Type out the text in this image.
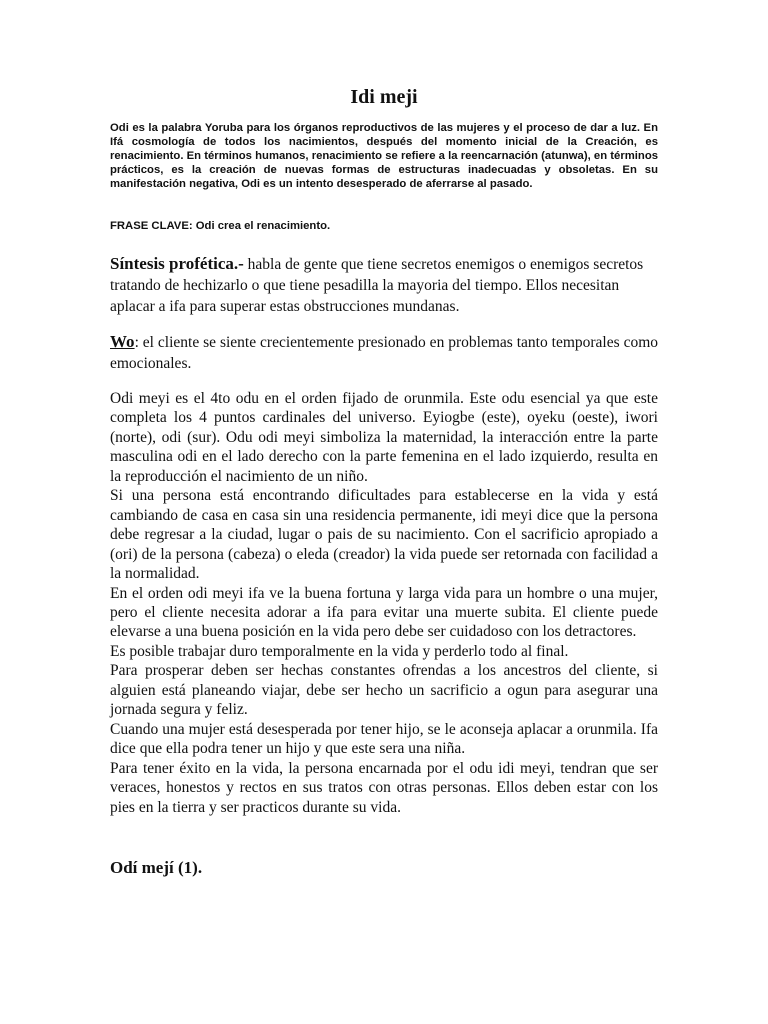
Idi meji
Odi es la palabra Yoruba para los órganos reproductivos de las mujeres y el proceso de dar a luz. En Ifá cosmología de todos los nacimientos, después del momento inicial de la Creación, es renacimiento. En términos humanos, renacimiento se refiere a la reencarnación (atunwa), en términos prácticos, es la creación de nuevas formas de estructuras inadecuadas y obsoletas. En su manifestación negativa, Odi es un intento desesperado de aferrarse al pasado.
FRASE CLAVE: Odi crea el renacimiento.
Síntesis profética.- habla de gente que tiene secretos enemigos o enemigos secretos tratando de hechizarlo o que tiene pesadilla la mayoria del tiempo. Ellos necesitan aplacar a ifa para superar estas obstrucciones mundanas.
Wo: el cliente se siente crecientemente presionado en problemas tanto temporales como emocionales.

Odi meyi es el 4to odu en el orden fijado de orunmila. Este odu esencial ya que este completa los 4 puntos cardinales del universo. Eyiogbe (este), oyeku (oeste), iwori (norte), odi (sur). Odu odi meyi simboliza la maternidad, la interacción entre la parte masculina odi en el lado derecho con la parte femenina en el lado izquierdo, resulta en la reproducción el nacimiento de un niño.

Si una persona está encontrando dificultades para establecerse en la vida y está cambiando de casa en casa sin una residencia permanente, idi meyi dice que la persona debe regresar a la ciudad, lugar o pais de su nacimiento. Con el sacrificio apropiado a (ori) de la persona (cabeza) o eleda (creador) la vida puede ser retornada con facilidad a la normalidad.

En el orden odi meyi ifa ve la buena fortuna y larga vida para un hombre o una mujer, pero el cliente necesita adorar a ifa para evitar una muerte subita. El cliente puede elevarse a una buena posición en la vida pero debe ser cuidadoso con los detractores.

Es posible trabajar duro temporalmente en la vida y perderlo todo al final.

Para prosperar deben ser hechas constantes ofrendas a los ancestros del cliente, si alguien está planeando viajar, debe ser hecho un sacrificio a ogun para asegurar una jornada segura y feliz.

Cuando una mujer está desesperada por tener hijo, se le aconseja aplacar a orunmila. Ifa dice que ella podra tener un hijo y que este sera una niña.

Para tener éxito en la vida, la persona encarnada por el odu idi meyi, tendran que ser veraces, honestos y rectos en sus tratos con otras personas. Ellos deben estar con los pies en la tierra y ser practicos durante su vida.

Odí mejí (1).
